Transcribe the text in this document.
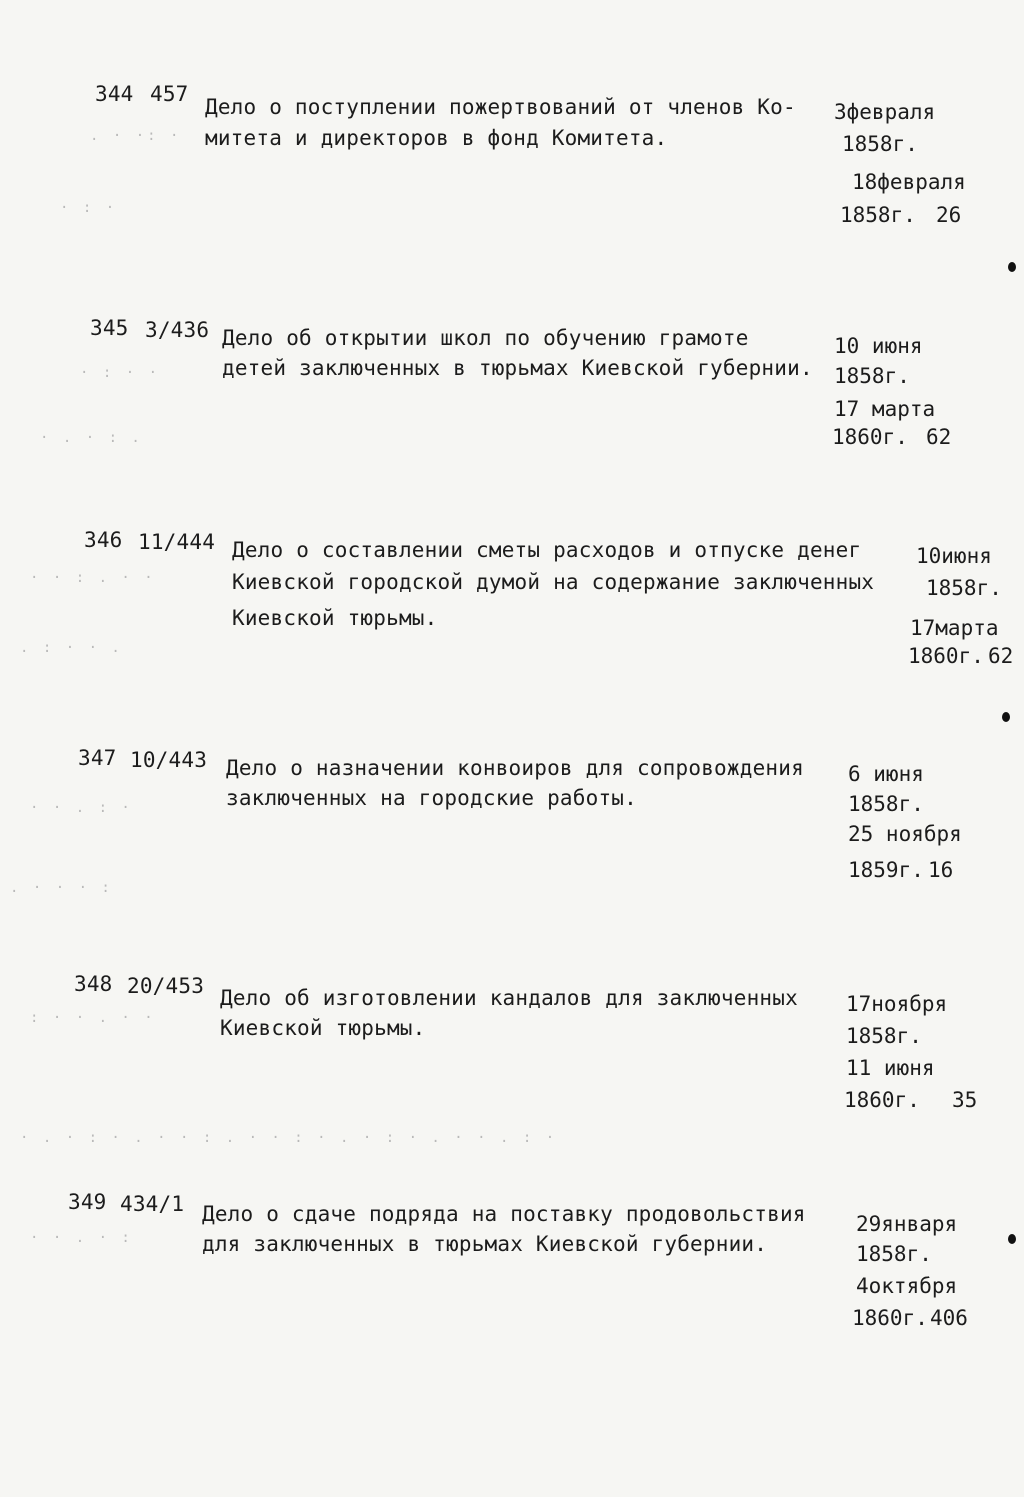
. · ·: ·
· : ·
· : · ·
· . · : .
· · : . · ·
. : · · .
· · . : ·
. · · · :
: · · . · ·
· . · : · . · · : . · · : · . · : · . · · . : ·
· · . · :
344 457
Дело о поступлении пожертвований от членов Ко-
митета и директоров в фонд Комитета.
3февраля
1858г.
18февраля
1858г. 26
345 3/436 Дело об открытии школ по обучению грамоте
детей заключенных в тюрьмах Киевской губернии.
10 июня
1858г.
17 марта
1860г. 62
346 11/444 Дело о составлении сметы расходов и отпуске денег
Киевской городской думой на содержание заключенных
Киевской тюрьмы.
10июня
1858г.
17марта
1860г. 62
347 10/443 Дело о назначении конвоиров для сопровождения
заключенных на городские работы.
6 июня
1858г.
25 ноября
1859г. 16
348 20/453 Дело об изготовлении кандалов для заключенных
Киевской тюрьмы.
17ноября
1858г.
11 июня
1860г. 35
349 434/1 Дело о сдаче подряда на поставку продовольствия
для заключенных в тюрьмах Киевской губернии.
29января
1858г.
4октября
1860г. 406
